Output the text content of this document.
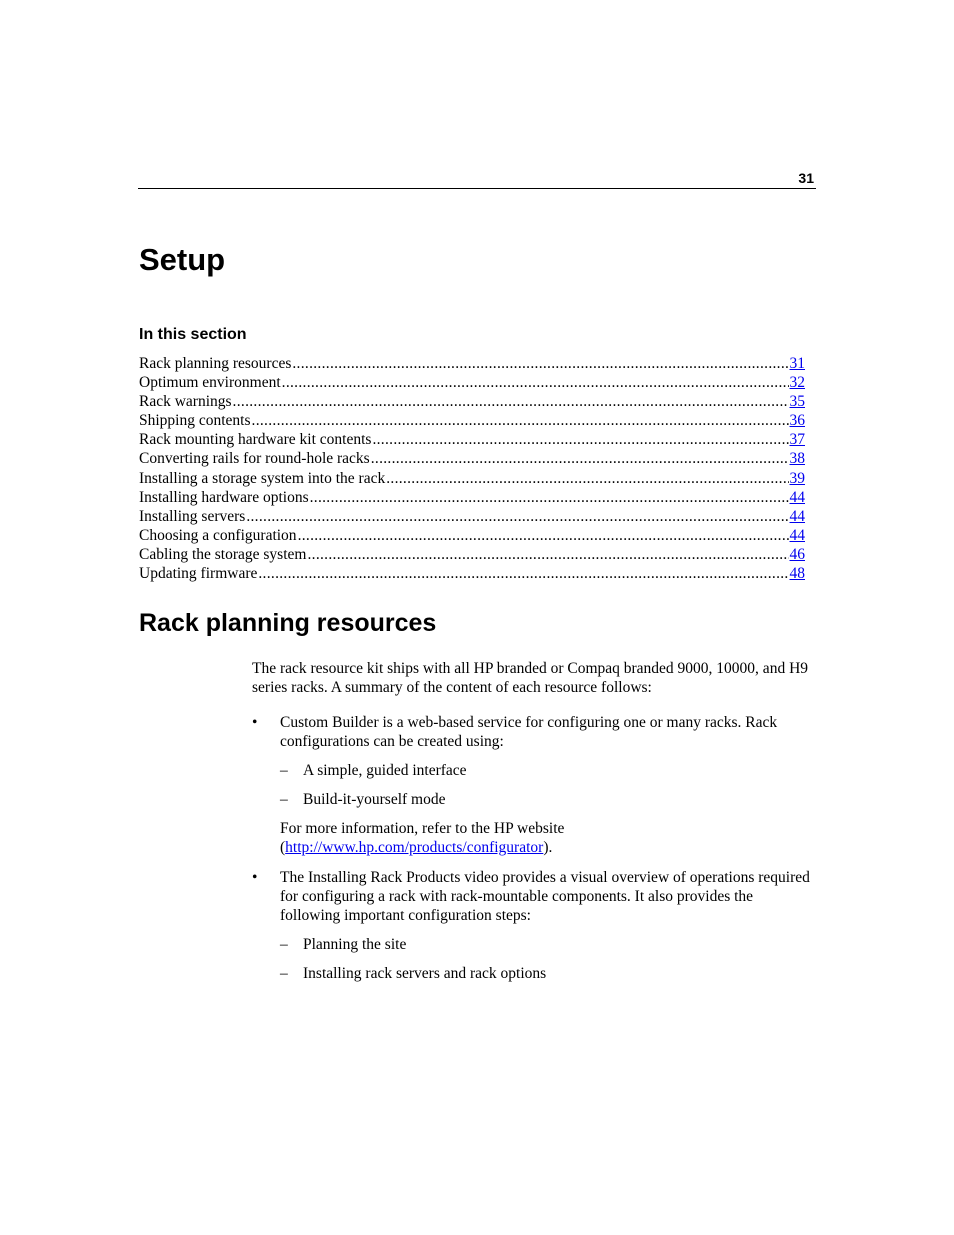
31
Setup
In this section
Rack planning resources .....	31
Optimum environment .....	32
Rack warnings .....	35
Shipping contents .....	36
Rack mounting hardware kit contents .....	37
Converting rails for round-hole racks .....	38
Installing a storage system into the rack .....	39
Installing hardware options .....	44
Installing servers .....	44
Choosing a configuration .....	44
Cabling the storage system .....	46
Updating firmware .....	48
Rack planning resources

The rack resource kit ships with all HP branded or Compaq branded 9000, 10000, and H9 series racks. A summary of the content of each resource follows:

• Custom Builder is a web-based service for configuring one or many racks. Rack configurations can be created using:

– A simple, guided interface
– Build-it-yourself mode

For more information, refer to the HP website (http://www.hp.com/products/configurator).

• The Installing Rack Products video provides a visual overview of operations required for configuring a rack with rack-mountable components. It also provides the following important configuration steps:

– Planning the site
– Installing rack servers and rack options
